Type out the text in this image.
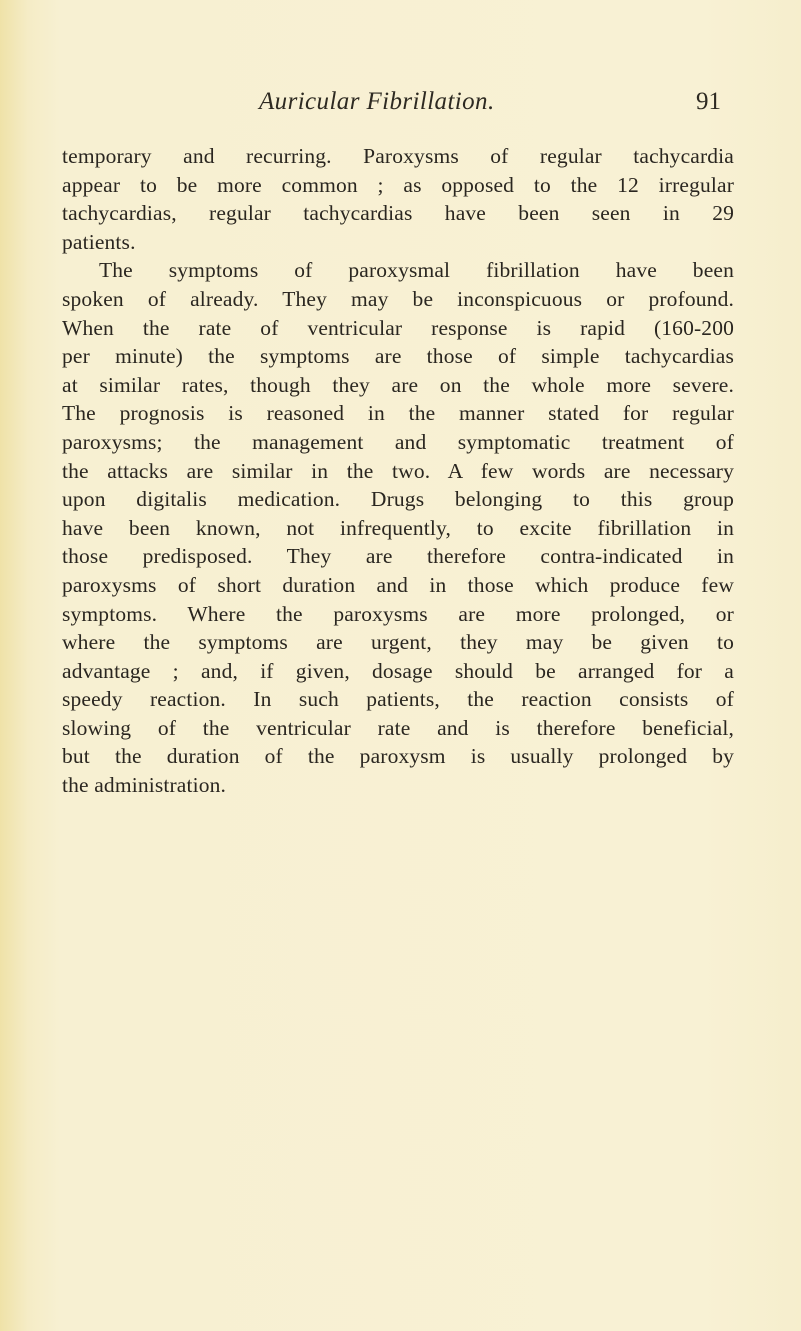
Auricular Fibrillation.	91
temporary and recurring. Paroxysms of regular tachycardia
appear to be more common ; as opposed to the 12 irregular
tachycardias, regular tachycardias have been seen in 29
patients.
The symptoms of paroxysmal fibrillation have been
spoken of already. They may be inconspicuous or profound.
When the rate of ventricular response is rapid (160-200
per minute) the symptoms are those of simple tachycardias
at similar rates, though they are on the whole more severe.
The prognosis is reasoned in the manner stated for regular
paroxysms; the management and symptomatic treatment of
the attacks are similar in the two. A few words are necessary
upon digitalis medication. Drugs belonging to this group
have been known, not infrequently, to excite fibrillation in
those predisposed. They are therefore contra-indicated in
paroxysms of short duration and in those which produce few
symptoms. Where the paroxysms are more prolonged, or
where the symptoms are urgent, they may be given to
advantage ; and, if given, dosage should be arranged for a
speedy reaction. In such patients, the reaction consists of
slowing of the ventricular rate and is therefore beneficial,
but the duration of the paroxysm is usually prolonged by
the administration.
